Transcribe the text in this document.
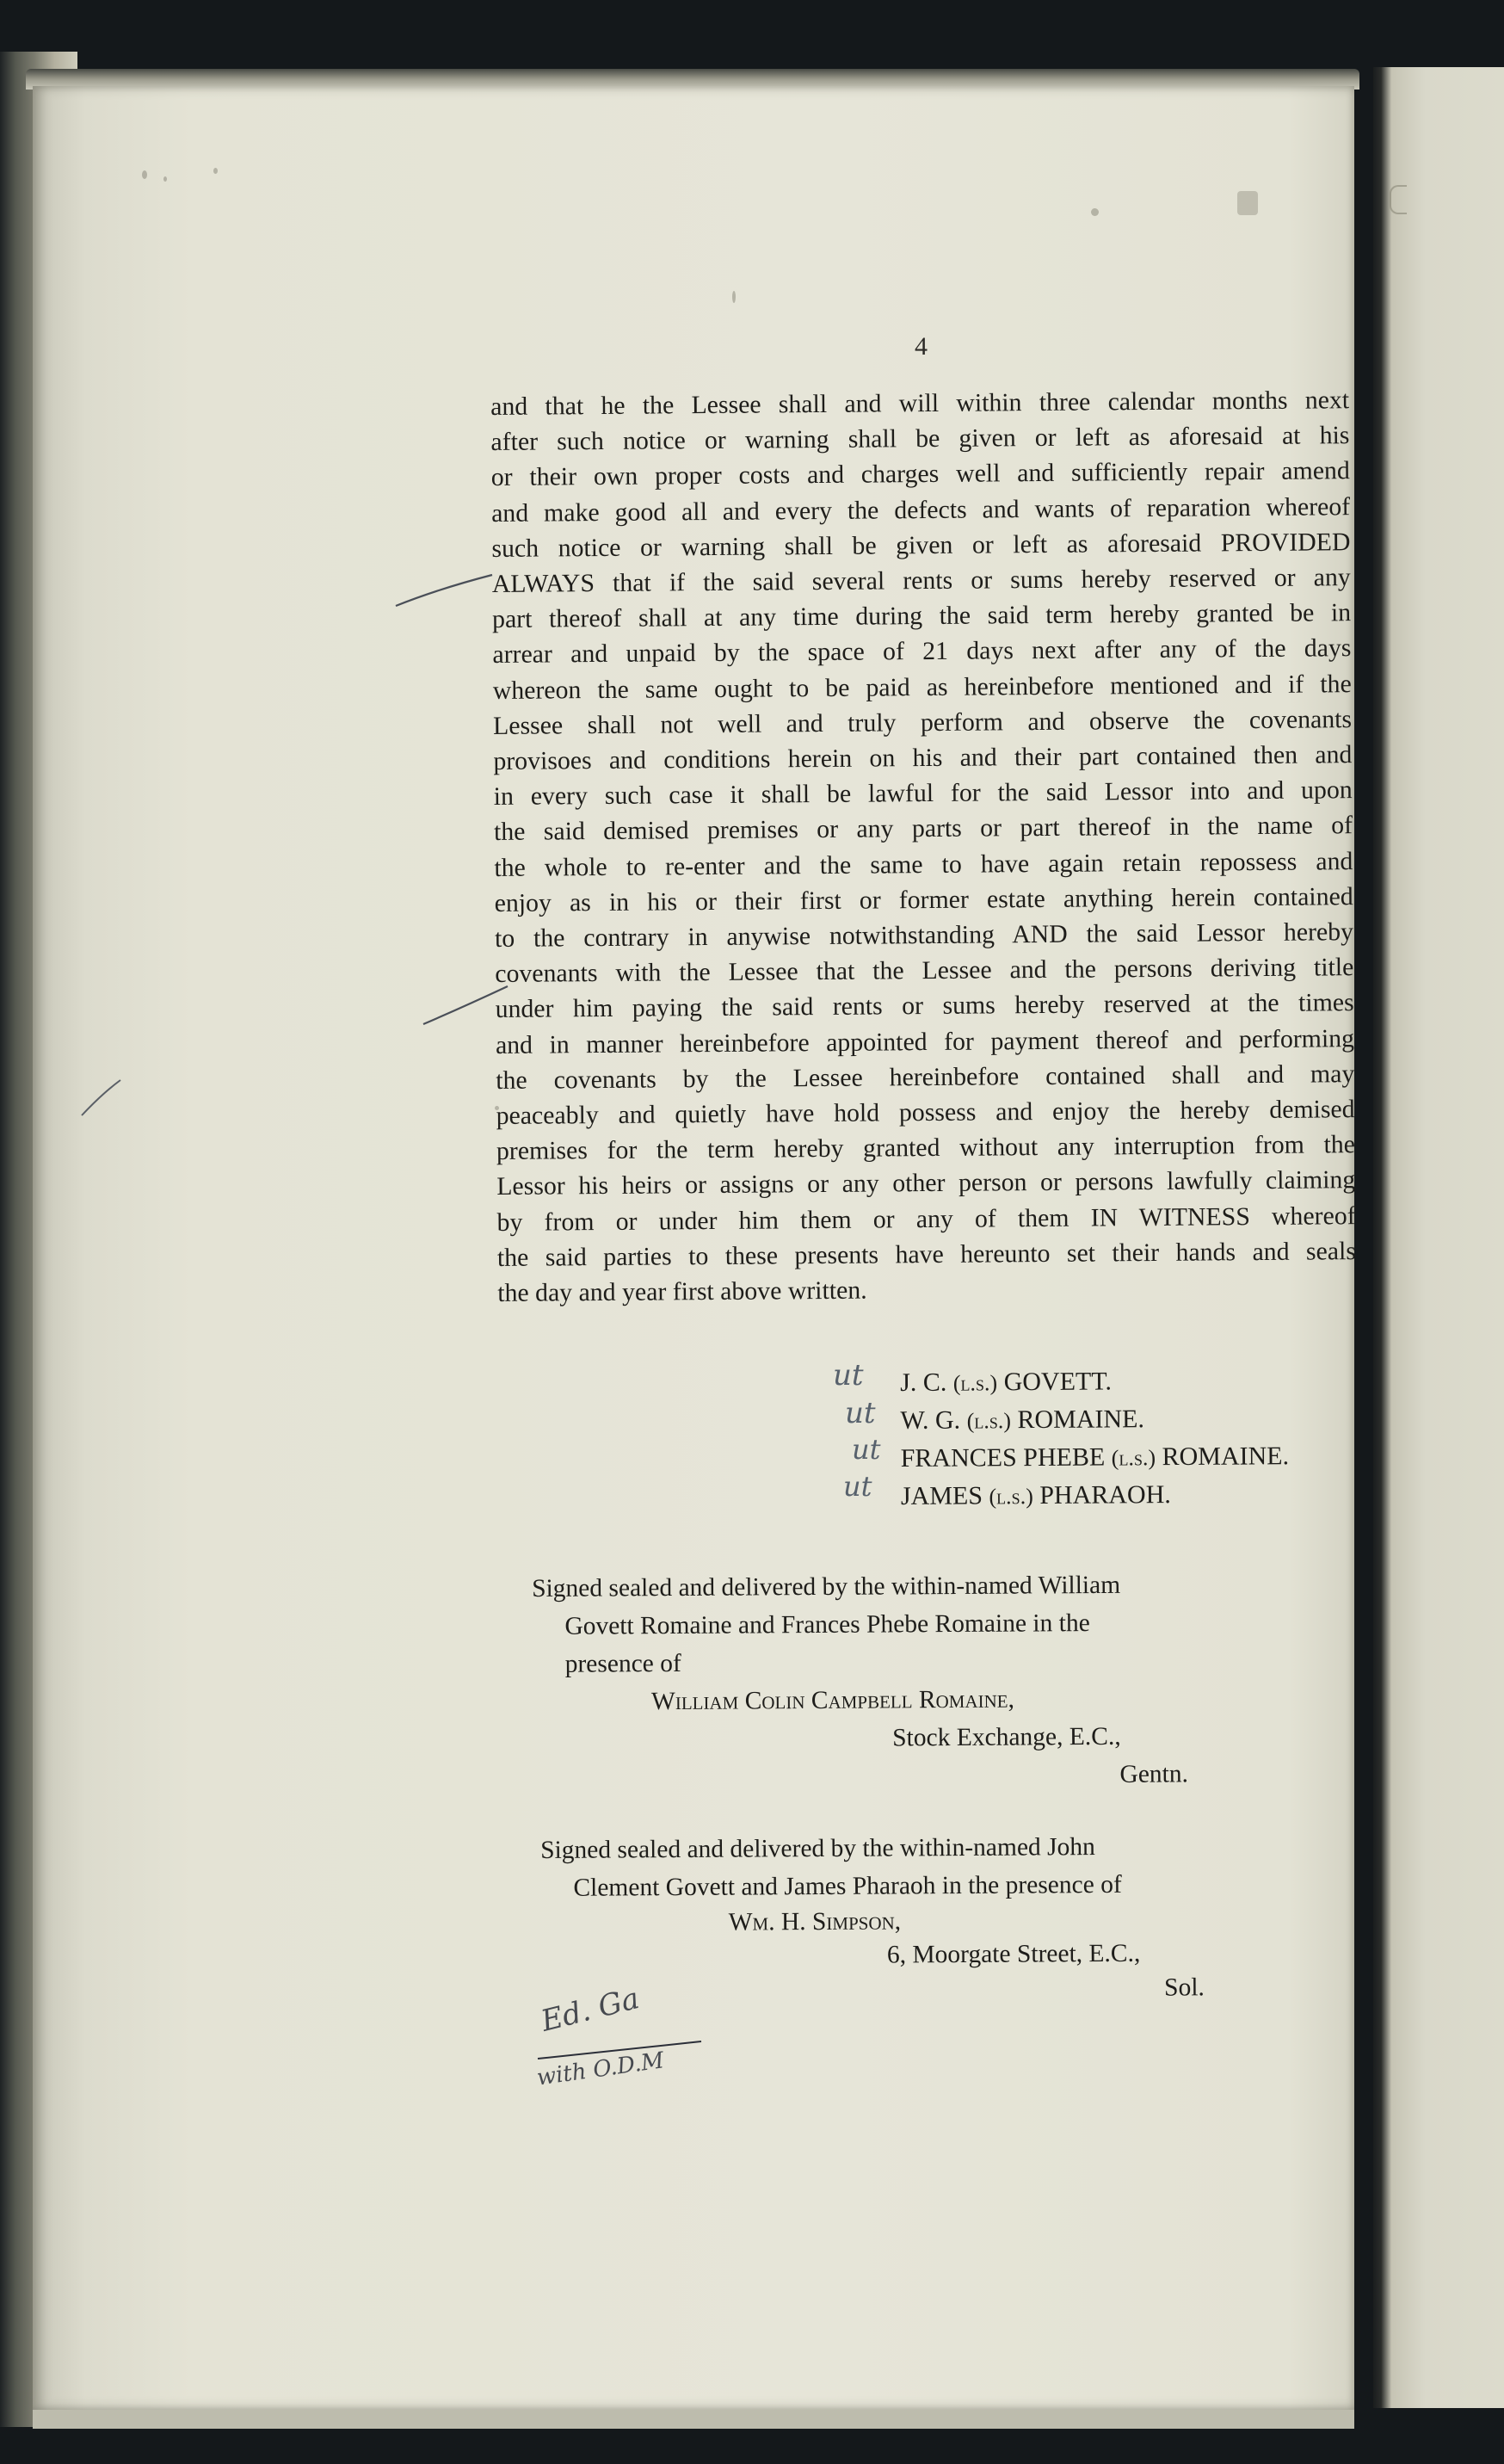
4
and that he the Lessee shall and will within three calendar months next
after such notice or warning shall be given or left as aforesaid at his
or their own proper costs and charges well and sufficiently repair amend
and make good all and every the defects and wants of reparation whereof
such notice or warning shall be given or left as aforesaid PROVIDED
ALWAYS that if the said several rents or sums hereby reserved or any
part thereof shall at any time during the said term hereby granted be in
arrear and unpaid by the space of 21 days next after any of the days
whereon the same ought to be paid as hereinbefore mentioned and if the
Lessee shall not well and truly perform and observe the covenants
provisoes and conditions herein on his and their part contained then and
in every such case it shall be lawful for the said Lessor into and upon
the said demised premises or any parts or part thereof in the name of
the whole to re-enter and the same to have again retain repossess and
enjoy as in his or their first or former estate anything herein contained
to the contrary in anywise notwithstanding AND the said Lessor hereby
covenants with the Lessee that the Lessee and the persons deriving title
under him paying the said rents or sums hereby reserved at the times
and in manner hereinbefore appointed for payment thereof and performing
the covenants by the Lessee hereinbefore contained shall and may
peaceably and quietly have hold possess and enjoy the hereby demised
premises for the term hereby granted without any interruption from the
Lessor his heirs or assigns or any other person or persons lawfully claiming
by from or under him them or any of them IN WITNESS whereof
the said parties to these presents have hereunto set their hands and seals
the day and year first above written.
J. C. (l.s.) GOVETT.
W. G. (l.s.) ROMAINE.
FRANCES PHEBE (l.s.) ROMAINE.
JAMES (l.s.) PHARAOH.
ut
ut
ut
ut
Signed sealed and delivered by the within-named William
Govett Romaine and Frances Phebe Romaine in the
presence of
William Colin Campbell Romaine,
Stock Exchange, E.C.,
Gentn.
Signed sealed and delivered by the within-named John
Clement Govett and James Pharaoh in the presence of
Wm. H. Simpson,
6, Moorgate Street, E.C.,
Sol.
Ed. Ga
with O.D.M
